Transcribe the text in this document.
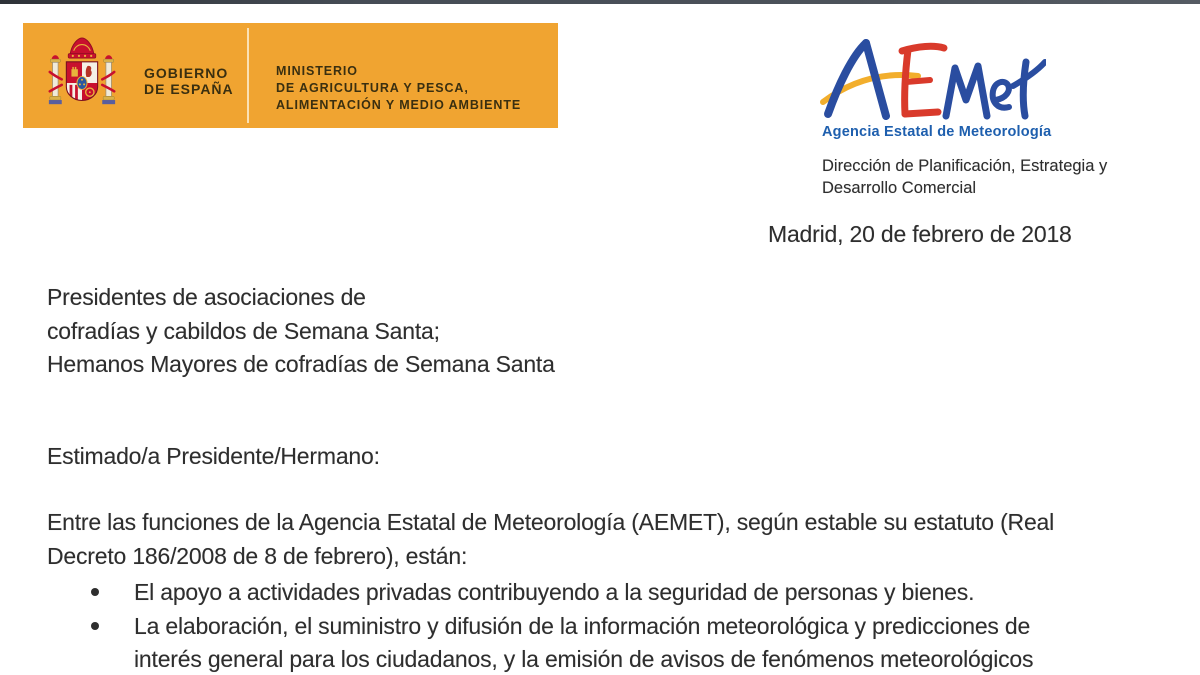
GOBIERNO
DE ESPAÑA
MINISTERIO
DE AGRICULTURA Y PESCA,
ALIMENTACIÓN Y MEDIO AMBIENTE
Agencia Estatal de Meteorología
Dirección de Planificación, Estrategia y
Desarrollo Comercial
Madrid, 20 de febrero de 2018
Presidentes de asociaciones de
cofradías y cabildos de Semana Santa;
Hemanos Mayores de cofradías de Semana Santa
Estimado/a Presidente/Hermano:
Entre las funciones de la Agencia Estatal de Meteorología (AEMET), según estable su estatuto (Real
Decreto 186/2008 de 8 de febrero), están:
El apoyo a actividades privadas contribuyendo a la seguridad de personas y bienes.
La elaboración, el suministro y difusión de la información meteorológica y predicciones de
interés general para los ciudadanos, y la emisión de avisos de fenómenos meteorológicos
